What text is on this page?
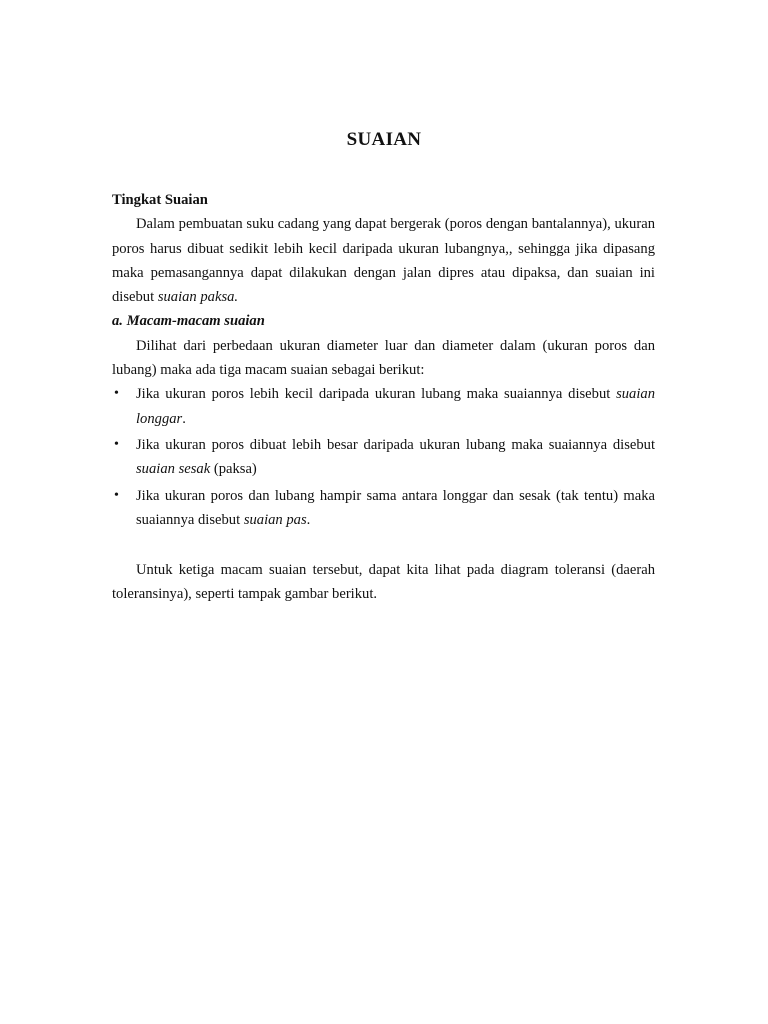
SUAIAN
Tingkat Suaian

Dalam pembuatan suku cadang yang dapat bergerak (poros dengan bantalannya), ukuran poros harus dibuat sedikit lebih kecil daripada ukuran lubangnya,, sehingga jika dipasang maka pemasangannya dapat dilakukan dengan jalan dipres atau dipaksa, dan suaian ini disebut suaian paksa.

a. Macam-macam suaian

Dilihat dari perbedaan ukuran diameter luar dan diameter dalam (ukuran poros dan lubang) maka ada tiga macam suaian sebagai berikut:

•	Jika ukuran poros lebih kecil daripada ukuran lubang maka suaiannya disebut suaian longgar.
•	Jika ukuran poros dibuat lebih besar daripada ukuran lubang maka suaiannya disebut suaian sesak (paksa)
•	Jika ukuran poros dan lubang hampir sama antara longgar dan sesak (tak tentu) maka suaiannya disebut suaian pas.

Untuk ketiga macam suaian tersebut, dapat kita lihat pada diagram toleransi (daerah toleransinya), seperti tampak gambar berikut.
